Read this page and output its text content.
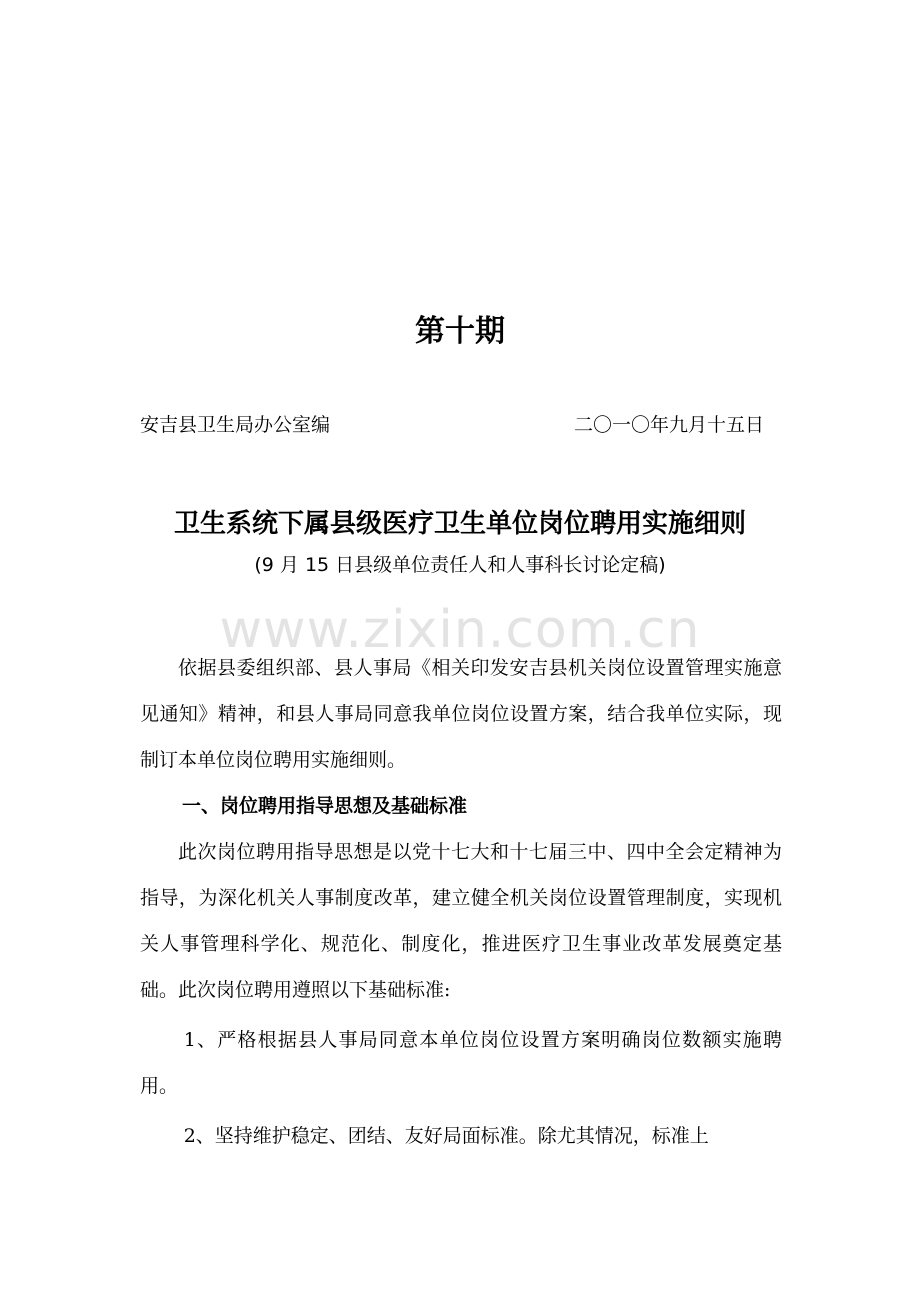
第十期
安吉县卫生局办公室编	二〇一〇年九月十五日
卫生系统下属县级医疗卫生单位岗位聘用实施细则
(9 月 15 日县级单位责任人和人事科长讨论定稿)
www.zixin.com.cn

依据县委组织部、县人事局《相关印发安吉县机关岗位设置管理实施意见通知》精神，和县人事局同意我单位岗位设置方案，结合我单位实际，现制订本单位岗位聘用实施细则。

一、岗位聘用指导思想及基础标准

此次岗位聘用指导思想是以党十七大和十七届三中、四中全会定精神为指导，为深化机关人事制度改革，建立健全机关岗位设置管理制度，实现机关人事管理科学化、规范化、制度化，推进医疗卫生事业改革发展奠定基础。此次岗位聘用遵照以下基础标准:

1、严格根据县人事局同意本单位岗位设置方案明确岗位数额实施聘用。

2、坚持维护稳定、团结、友好局面标准。除尤其情况，标准上
